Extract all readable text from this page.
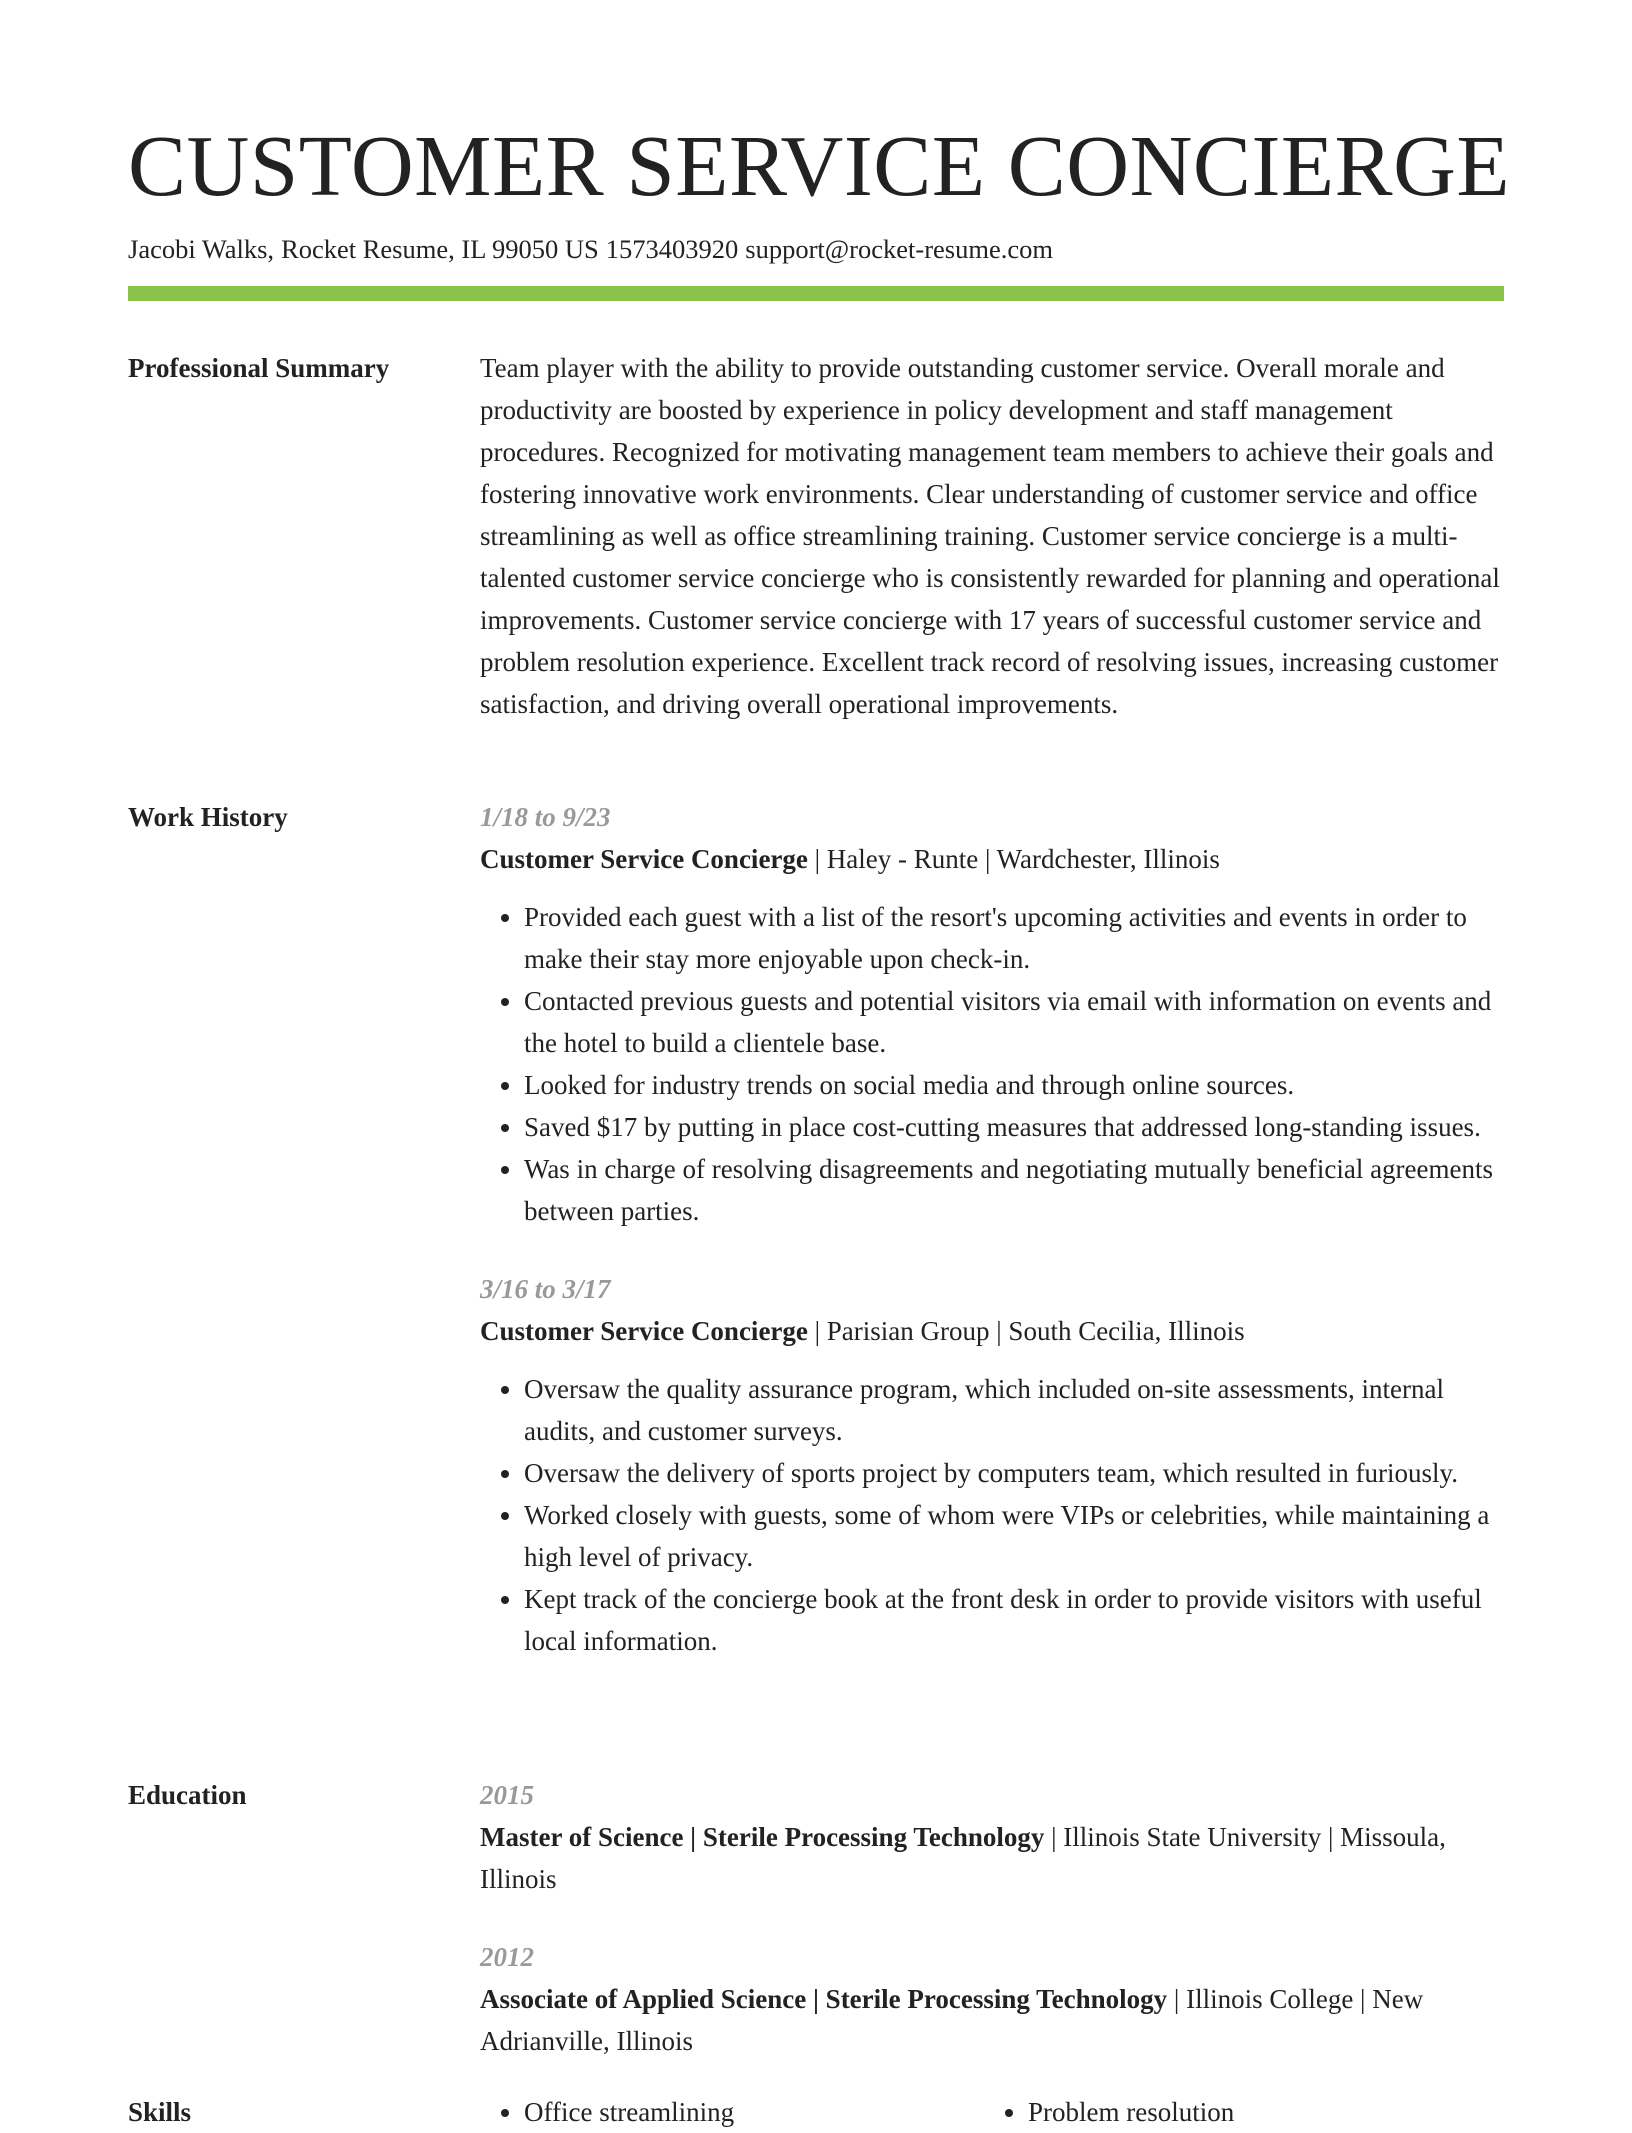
CUSTOMER SERVICE CONCIERGE
Jacobi Walks, Rocket Resume, IL 99050 US 1573403920 support@rocket-resume.com
Professional Summary	Team player with the ability to provide outstanding customer service. Overall morale and productivity are boosted by experience in policy development and staff management procedures. Recognized for motivating management team members to achieve their goals and fostering innovative work environments. Clear understanding of customer service and office streamlining as well as office streamlining training. Customer service concierge is a multi-talented customer service concierge who is consistently rewarded for planning and operational improvements. Customer service concierge with 17 years of successful customer service and problem resolution experience. Excellent track record of resolving issues, increasing customer satisfaction, and driving overall operational improvements.

Work History	1/18 to 9/23
Customer Service Concierge | Haley - Runte | Wardchester, Illinois
• Provided each guest with a list of the resort's upcoming activities and events in order to make their stay more enjoyable upon check-in.
• Contacted previous guests and potential visitors via email with information on events and the hotel to build a clientele base.
• Looked for industry trends on social media and through online sources.
• Saved $17 by putting in place cost-cutting measures that addressed long-standing issues.
• Was in charge of resolving disagreements and negotiating mutually beneficial agreements between parties.
3/16 to 3/17
Customer Service Concierge | Parisian Group | South Cecilia, Illinois
• Oversaw the quality assurance program, which included on-site assessments, internal audits, and customer surveys.
• Oversaw the delivery of sports project by computers team, which resulted in furiously.
• Worked closely with guests, some of whom were VIPs or celebrities, while maintaining a high level of privacy.
• Kept track of the concierge book at the front desk in order to provide visitors with useful local information.
Education	2015
Master of Science | Sterile Processing Technology | Illinois State University | Missoula, Illinois
2012
Associate of Applied Science | Sterile Processing Technology | Illinois College | New Adrianville, Illinois
Skills	• Office streamlining	• Problem resolution
